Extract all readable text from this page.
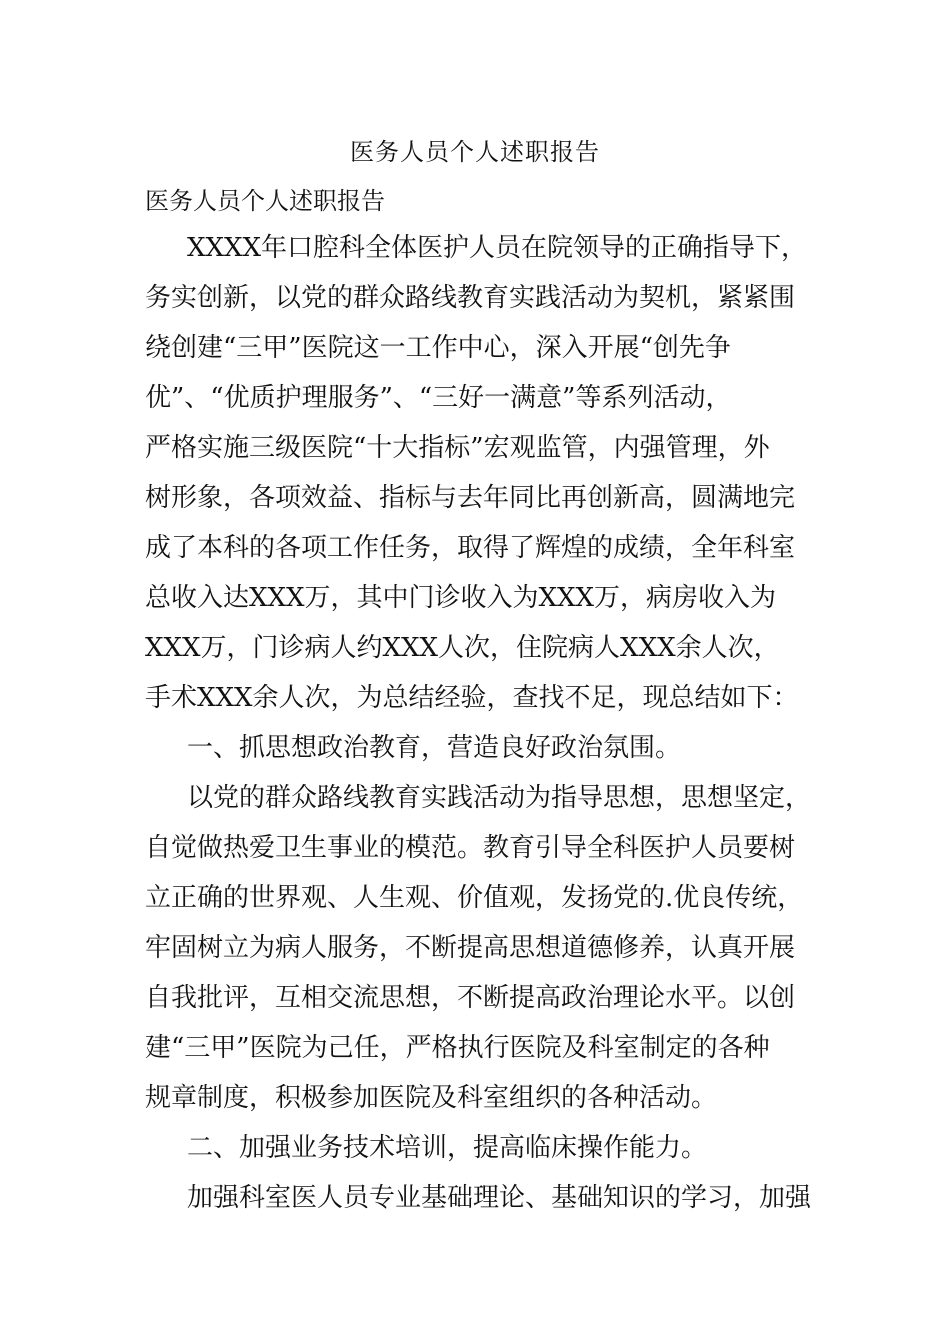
医务人员个人述职报告
医务人员个人述职报告
XXXX年口腔科全体医护人员在院领导的正确指导下，
务实创新，以党的群众路线教育实践活动为契机，紧紧围
绕创建“三甲”医院这一工作中心，深入开展“创先争
优”、“优质护理服务”、“三好一满意”等系列活动，
严格实施三级医院“十大指标”宏观监管，内强管理，外
树形象，各项效益、指标与去年同比再创新高，圆满地完
成了本科的各项工作任务，取得了辉煌的成绩，全年科室
总收入达XXX万，其中门诊收入为XXX万，病房收入为
XXX万，门诊病人约XXX人次，住院病人XXX余人次，
手术XXX余人次，为总结经验，查找不足，现总结如下：
一、抓思想政治教育，营造良好政治氛围。
以党的群众路线教育实践活动为指导思想，思想坚定，
自觉做热爱卫生事业的模范。教育引导全科医护人员要树
立正确的世界观、人生观、价值观，发扬党的.优良传统，
牢固树立为病人服务，不断提高思想道德修养，认真开展
自我批评，互相交流思想，不断提高政治理论水平。以创
建“三甲”医院为己任，严格执行医院及科室制定的各种
规章制度，积极参加医院及科室组织的各种活动。
二、加强业务技术培训，提高临床操作能力。
加强科室医人员专业基础理论、基础知识的学习，加强
